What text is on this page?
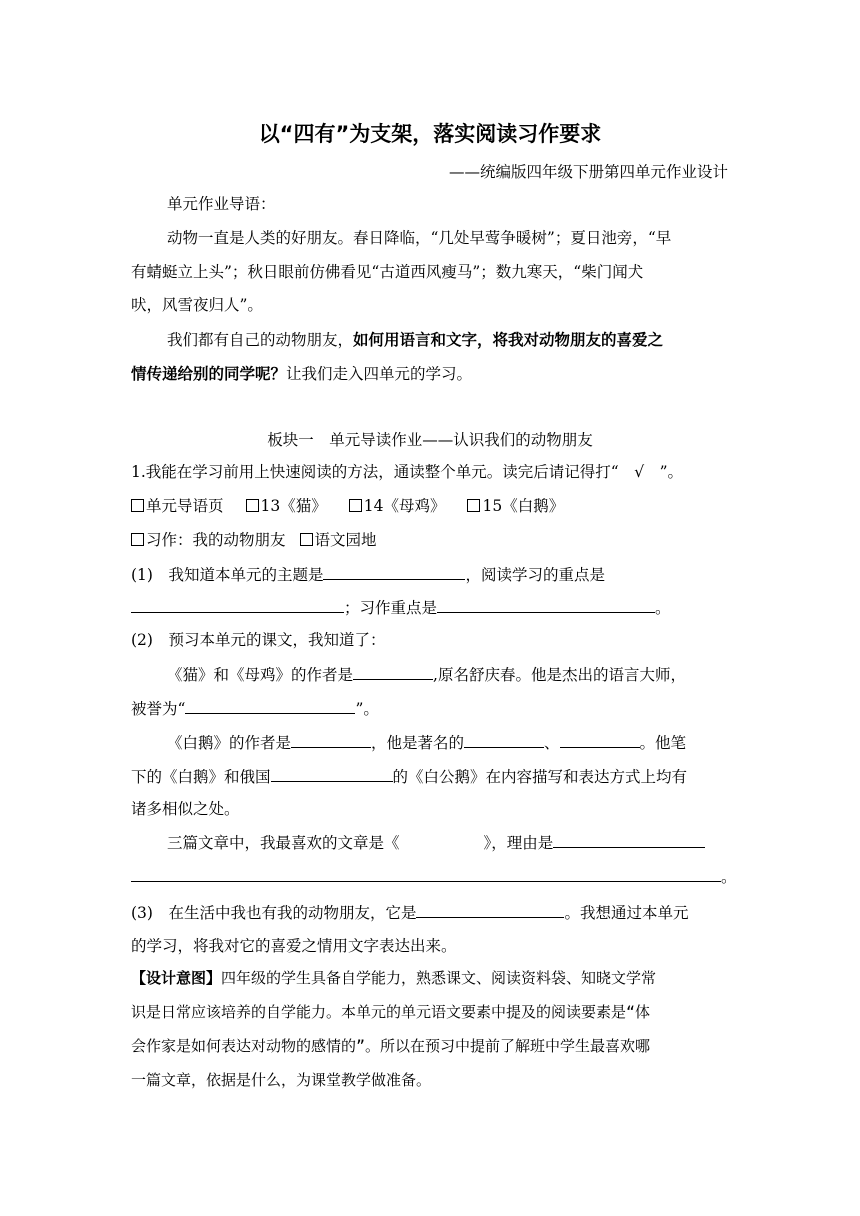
以“四有”为支架，落实阅读习作要求
——统编版四年级下册第四单元作业设计
单元作业导语：
动物一直是人类的好朋友。春日降临，“几处早莺争暖树”；夏日池旁，“早
有蜻蜓立上头”；秋日眼前仿佛看见“古道西风瘦马”；数九寒天，“柴门闻犬
吠，风雪夜归人”。
我们都有自己的动物朋友，如何用语言和文字，将我对动物朋友的喜爱之
情传递给别的同学呢？让我们走入四单元的学习。
板块一　单元导读作业——认识我们的动物朋友
1.我能在学习前用上快速阅读的方法，通读整个单元。读完后请记得打“　√　”。
单元导语页 13《猫》 14《母鸡》 15《白鹅》
习作：我的动物朋友 语文园地
(1)　我知道本单元的主题是	，阅读学习的重点是
；习作重点是	。
(2)　预习本单元的课文，我知道了：
《猫》和《母鸡》的作者是	,原名舒庆春。他是杰出的语言大师，
被誉为“	”。
《白鹅》的作者是	，他是著名的	、	。他笔
下的《白鹅》和俄国	的《白公鹅》在内容描写和表达方式上均有
诸多相似之处。
三篇文章中，我最喜欢的文章是《	》，理由是
。
(3)　在生活中我也有我的动物朋友，它是	。我想通过本单元
的学习，将我对它的喜爱之情用文字表达出来。
【设计意图】四年级的学生具备自学能力，熟悉课文、阅读资料袋、知晓文学常
识是日常应该培养的自学能力。本单元的单元语文要素中提及的阅读要素是“体
会作家是如何表达对动物的感情的”。所以在预习中提前了解班中学生最喜欢哪
一篇文章，依据是什么，为课堂教学做准备。
